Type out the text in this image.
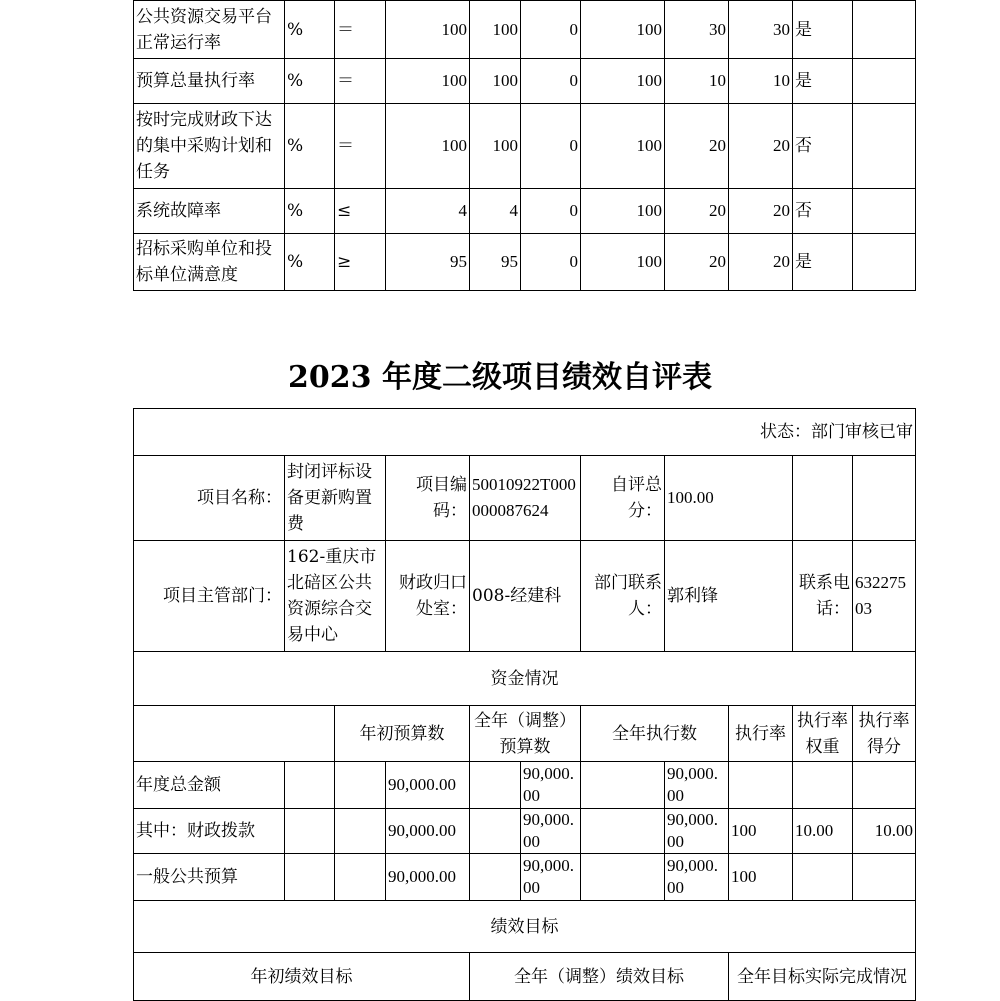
公共资源交易平台正常运行率	%	＝	100	100	0	100	30	30	是	
预算总量执行率	%	＝	100	100	0	100	10	10	是	
按时完成财政下达的集中采购计划和任务	%	＝	100	100	0	100	20	20	否	
系统故障率	%	≤	4	4	0	100	20	20	否	
招标采购单位和投标单位满意度	%	≥	95	95	0	100	20	20	是	
2023 年度二级项目绩效自评表
状态：部门审核已审										
项目名称：	封闭评标设备更新购置费		项目编码：	50010922T000000087624		自评总分：	100.00			
项目主管部门：	162-重庆市北碚区公共资源综合交易中心		财政归口处室：	008-经建科		部门联系人：	郭利锋		联系电话：	63227503
资金情况										
		年初预算数		全年（调整）预算数		全年执行数		执行率	执行率权重	执行率得分
年度总金额			90,000.00		90,000.00		90,000.00			
其中：财政拨款			90,000.00		90,000.00		90,000.00	100	10.00	10.00
一般公共预算			90,000.00		90,000.00		90,000.00	100		
绩效目标										
年初绩效目标				全年（调整）绩效目标				全年目标实际完成情况		
